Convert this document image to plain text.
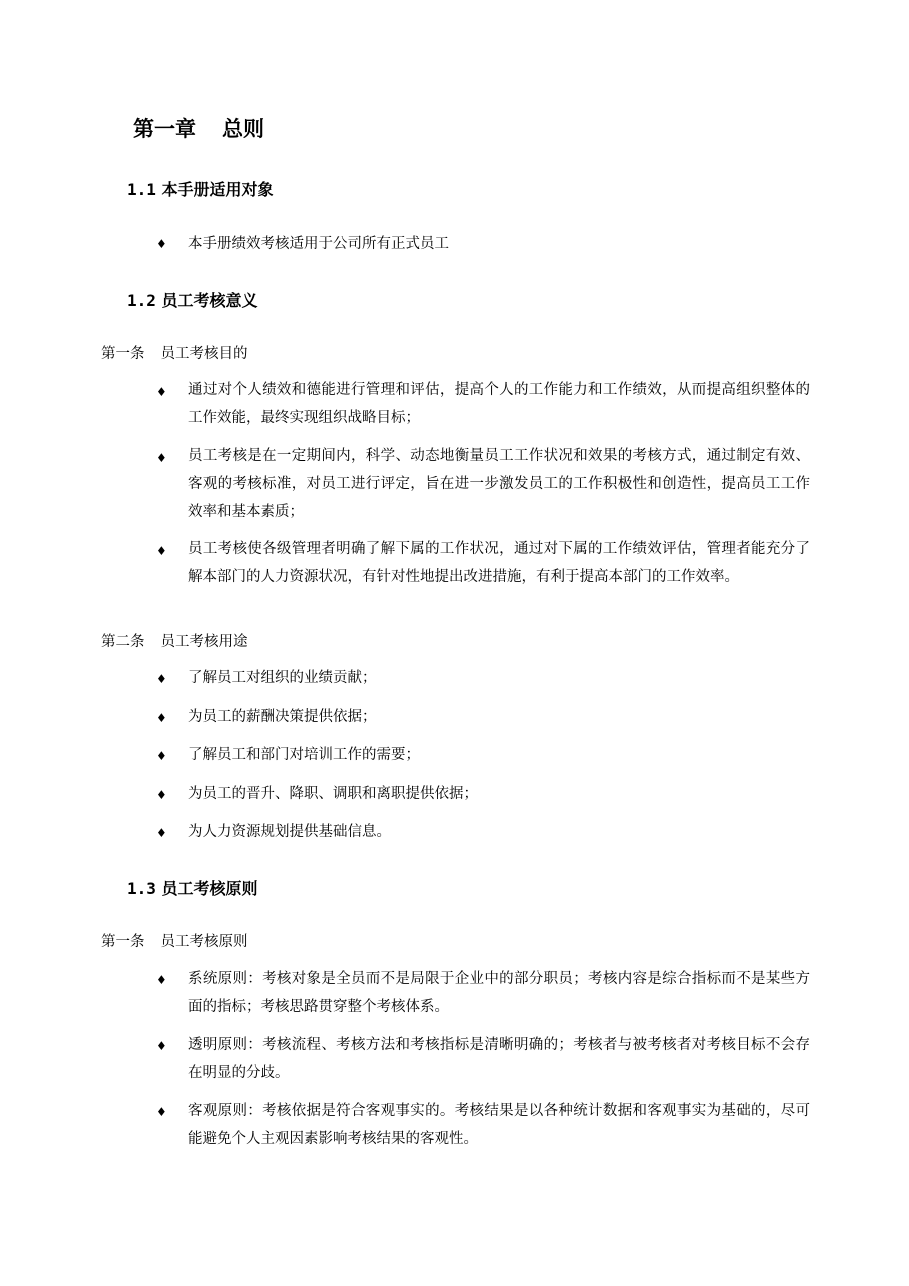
第一章 总则
1.1 本手册适用对象
♦ 本手册绩效考核适用于公司所有正式员工
1.2 员工考核意义
第一条 员工考核目的
♦ 通过对个人绩效和德能进行管理和评估，提高个人的工作能力和工作绩效，从而提高组织整体的工作效能，最终实现组织战略目标；
♦ 员工考核是在一定期间内，科学、动态地衡量员工工作状况和效果的考核方式，通过制定有效、客观的考核标准，对员工进行评定，旨在进一步激发员工的工作积极性和创造性，提高员工工作效率和基本素质；
♦ 员工考核使各级管理者明确了解下属的工作状况，通过对下属的工作绩效评估，管理者能充分了解本部门的人力资源状况，有针对性地提出改进措施，有利于提高本部门的工作效率。
第二条 员工考核用途
♦ 了解员工对组织的业绩贡献；
♦ 为员工的薪酬决策提供依据；
♦ 了解员工和部门对培训工作的需要；
♦ 为员工的晋升、降职、调职和离职提供依据；
♦ 为人力资源规划提供基础信息。
1.3 员工考核原则
第一条 员工考核原则
♦ 系统原则：考核对象是全员而不是局限于企业中的部分职员；考核内容是综合指标而不是某些方面的指标；考核思路贯穿整个考核体系。
♦ 透明原则：考核流程、考核方法和考核指标是清晰明确的；考核者与被考核者对考核目标不会存在明显的分歧。
♦ 客观原则：考核依据是符合客观事实的。考核结果是以各种统计数据和客观事实为基础的，尽可能避免个人主观因素影响考核结果的客观性。
